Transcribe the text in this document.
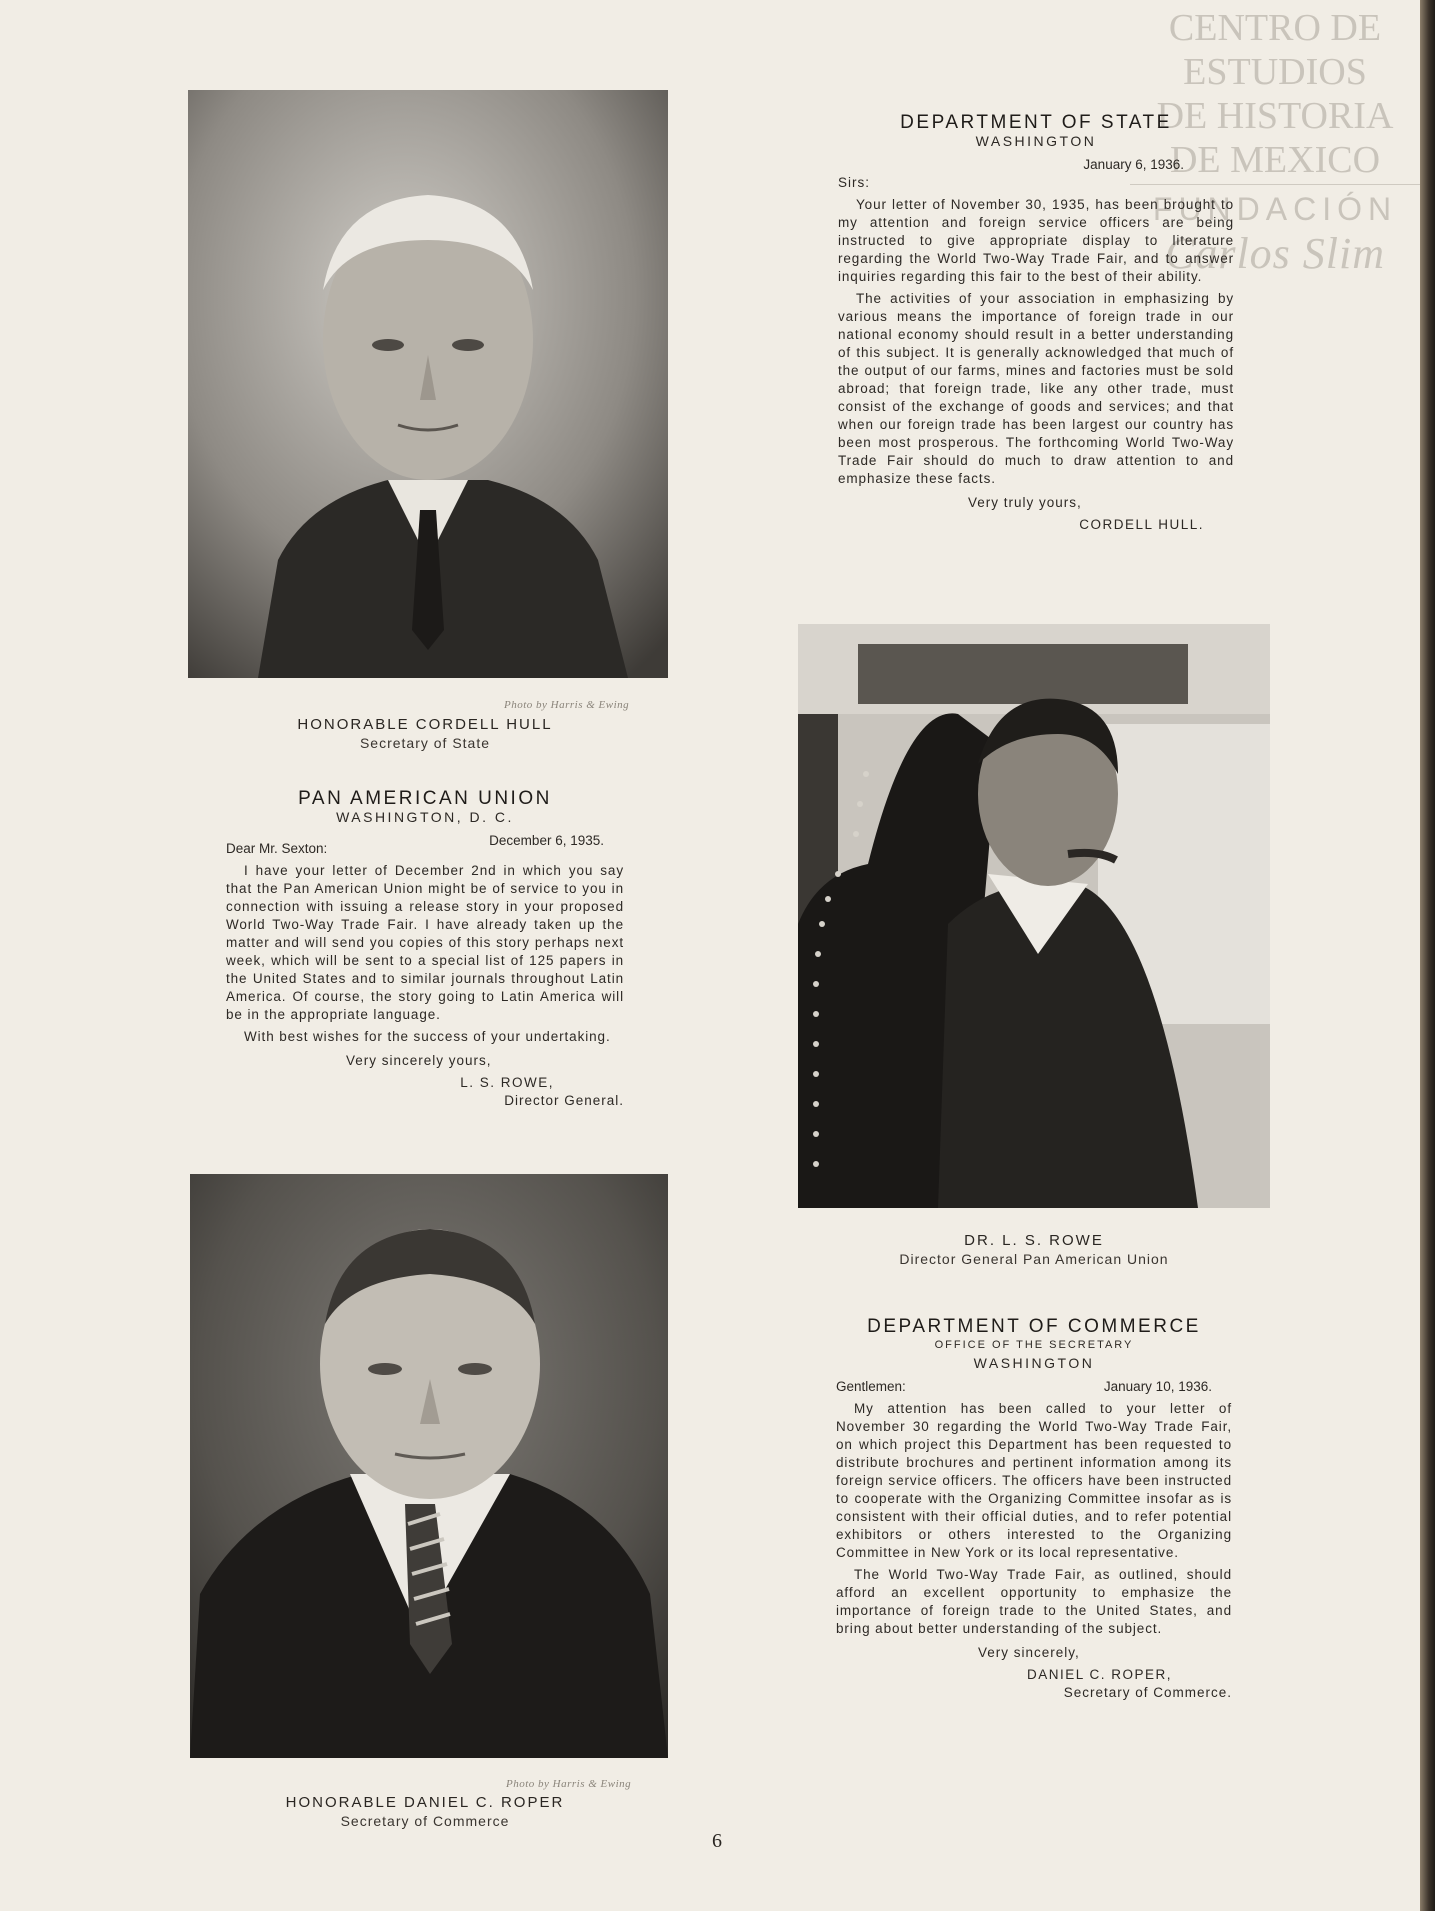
CENTRO DE
ESTUDIOS
DE HISTORIA
DE MEXICO
FUNDACIÓN
Carlos Slim
Photo by Harris & Ewing
HONORABLE CORDELL HULL
Secretary of State
DEPARTMENT OF STATE
WASHINGTON
January 6, 1936.
Sirs:

Your letter of November 30, 1935, has been brought to my attention and foreign service officers are being instructed to give appropriate display to literature regarding the World Two-Way Trade Fair, and to answer inquiries regarding this fair to the best of their ability.

The activities of your association in emphasizing by various means the importance of foreign trade in our national economy should result in a better understanding of this subject. It is generally acknowledged that much of the output of our farms, mines and factories must be sold abroad; that foreign trade, like any other trade, must consist of the exchange of goods and services; and that when our foreign trade has been largest our country has been most prosperous. The forthcoming World Two-Way Trade Fair should do much to draw attention to and emphasize these facts.

Very truly yours,
CORDELL HULL.
PAN AMERICAN UNION
WASHINGTON, D. C.
Dear Mr. Sexton:
December 6, 1935.

I have your letter of December 2nd in which you say that the Pan American Union might be of service to you in connection with issuing a release story in your proposed World Two-Way Trade Fair. I have already taken up the matter and will send you copies of this story perhaps next week, which will be sent to a special list of 125 papers in the United States and to similar journals throughout Latin America. Of course, the story going to Latin America will be in the appropriate language.

With best wishes for the success of your undertaking.

Very sincerely yours,
L. S. ROWE,
Director General.
DR. L. S. ROWE
Director General Pan American Union
Photo by Harris & Ewing
HONORABLE DANIEL C. ROPER
Secretary of Commerce
DEPARTMENT OF COMMERCE
OFFICE OF THE SECRETARY
WASHINGTON
Gentlemen:	January 10, 1936.

My attention has been called to your letter of November 30 regarding the World Two-Way Trade Fair, on which project this Department has been requested to distribute brochures and pertinent information among its foreign service officers. The officers have been instructed to cooperate with the Organizing Committee insofar as is consistent with their official duties, and to refer potential exhibitors or others interested to the Organizing Committee in New York or its local representative.

The World Two-Way Trade Fair, as outlined, should afford an excellent opportunity to emphasize the importance of foreign trade to the United States, and bring about better understanding of the subject.

Very sincerely,
DANIEL C. ROPER,
Secretary of Commerce.
6
